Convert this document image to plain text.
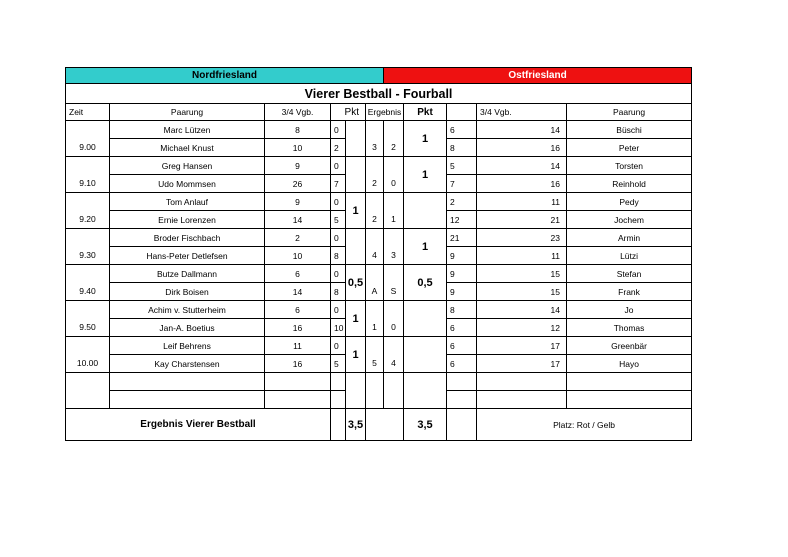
Nordfriesland						Ostfriesland				
Vierer Bestball - Fourball										
Zeit	Paarung	3/4 Vgb.	Pkt		Ergebnis		Pkt		3/4 Vgb.	Paarung
9.00	Marc Lützen	8	0		3	2	1	6	14	Büschi
	Michael Knust	10	2					8	16	Peter
9.10	Greg Hansen	9	0		2	0	1	5	14	Torsten
	Udo Mommsen	26	7					7	16	Reinhold
9.20	Tom Anlauf	9	0	1	2	1		2	11	Pedy
	Ernie Lorenzen	14	5					12	21	Jochem
9.30	Broder Fischbach	2	0		4	3	1	21	23	Armin
	Hans-Peter Detlefsen	10	8					9	11	Lützi
9.40	Butze Dallmann	6	0	0,5	A	S	0,5	9	15	Stefan
	Dirk Boisen	14	8					9	15	Frank
9.50	Achim v. Stutterheim	6	0	1	1	0		8	14	Jo
	Jan-A. Boetius	16	10					6	12	Thomas
10.00	Leif Behrens	11	0	1	5	4		6	17	Greenbär
	Kay Charstensen	16	5					6	17	Hayo

Ergebnis Vierer Bestball				3,5			3,5		Platz: Rot / Gelb	
